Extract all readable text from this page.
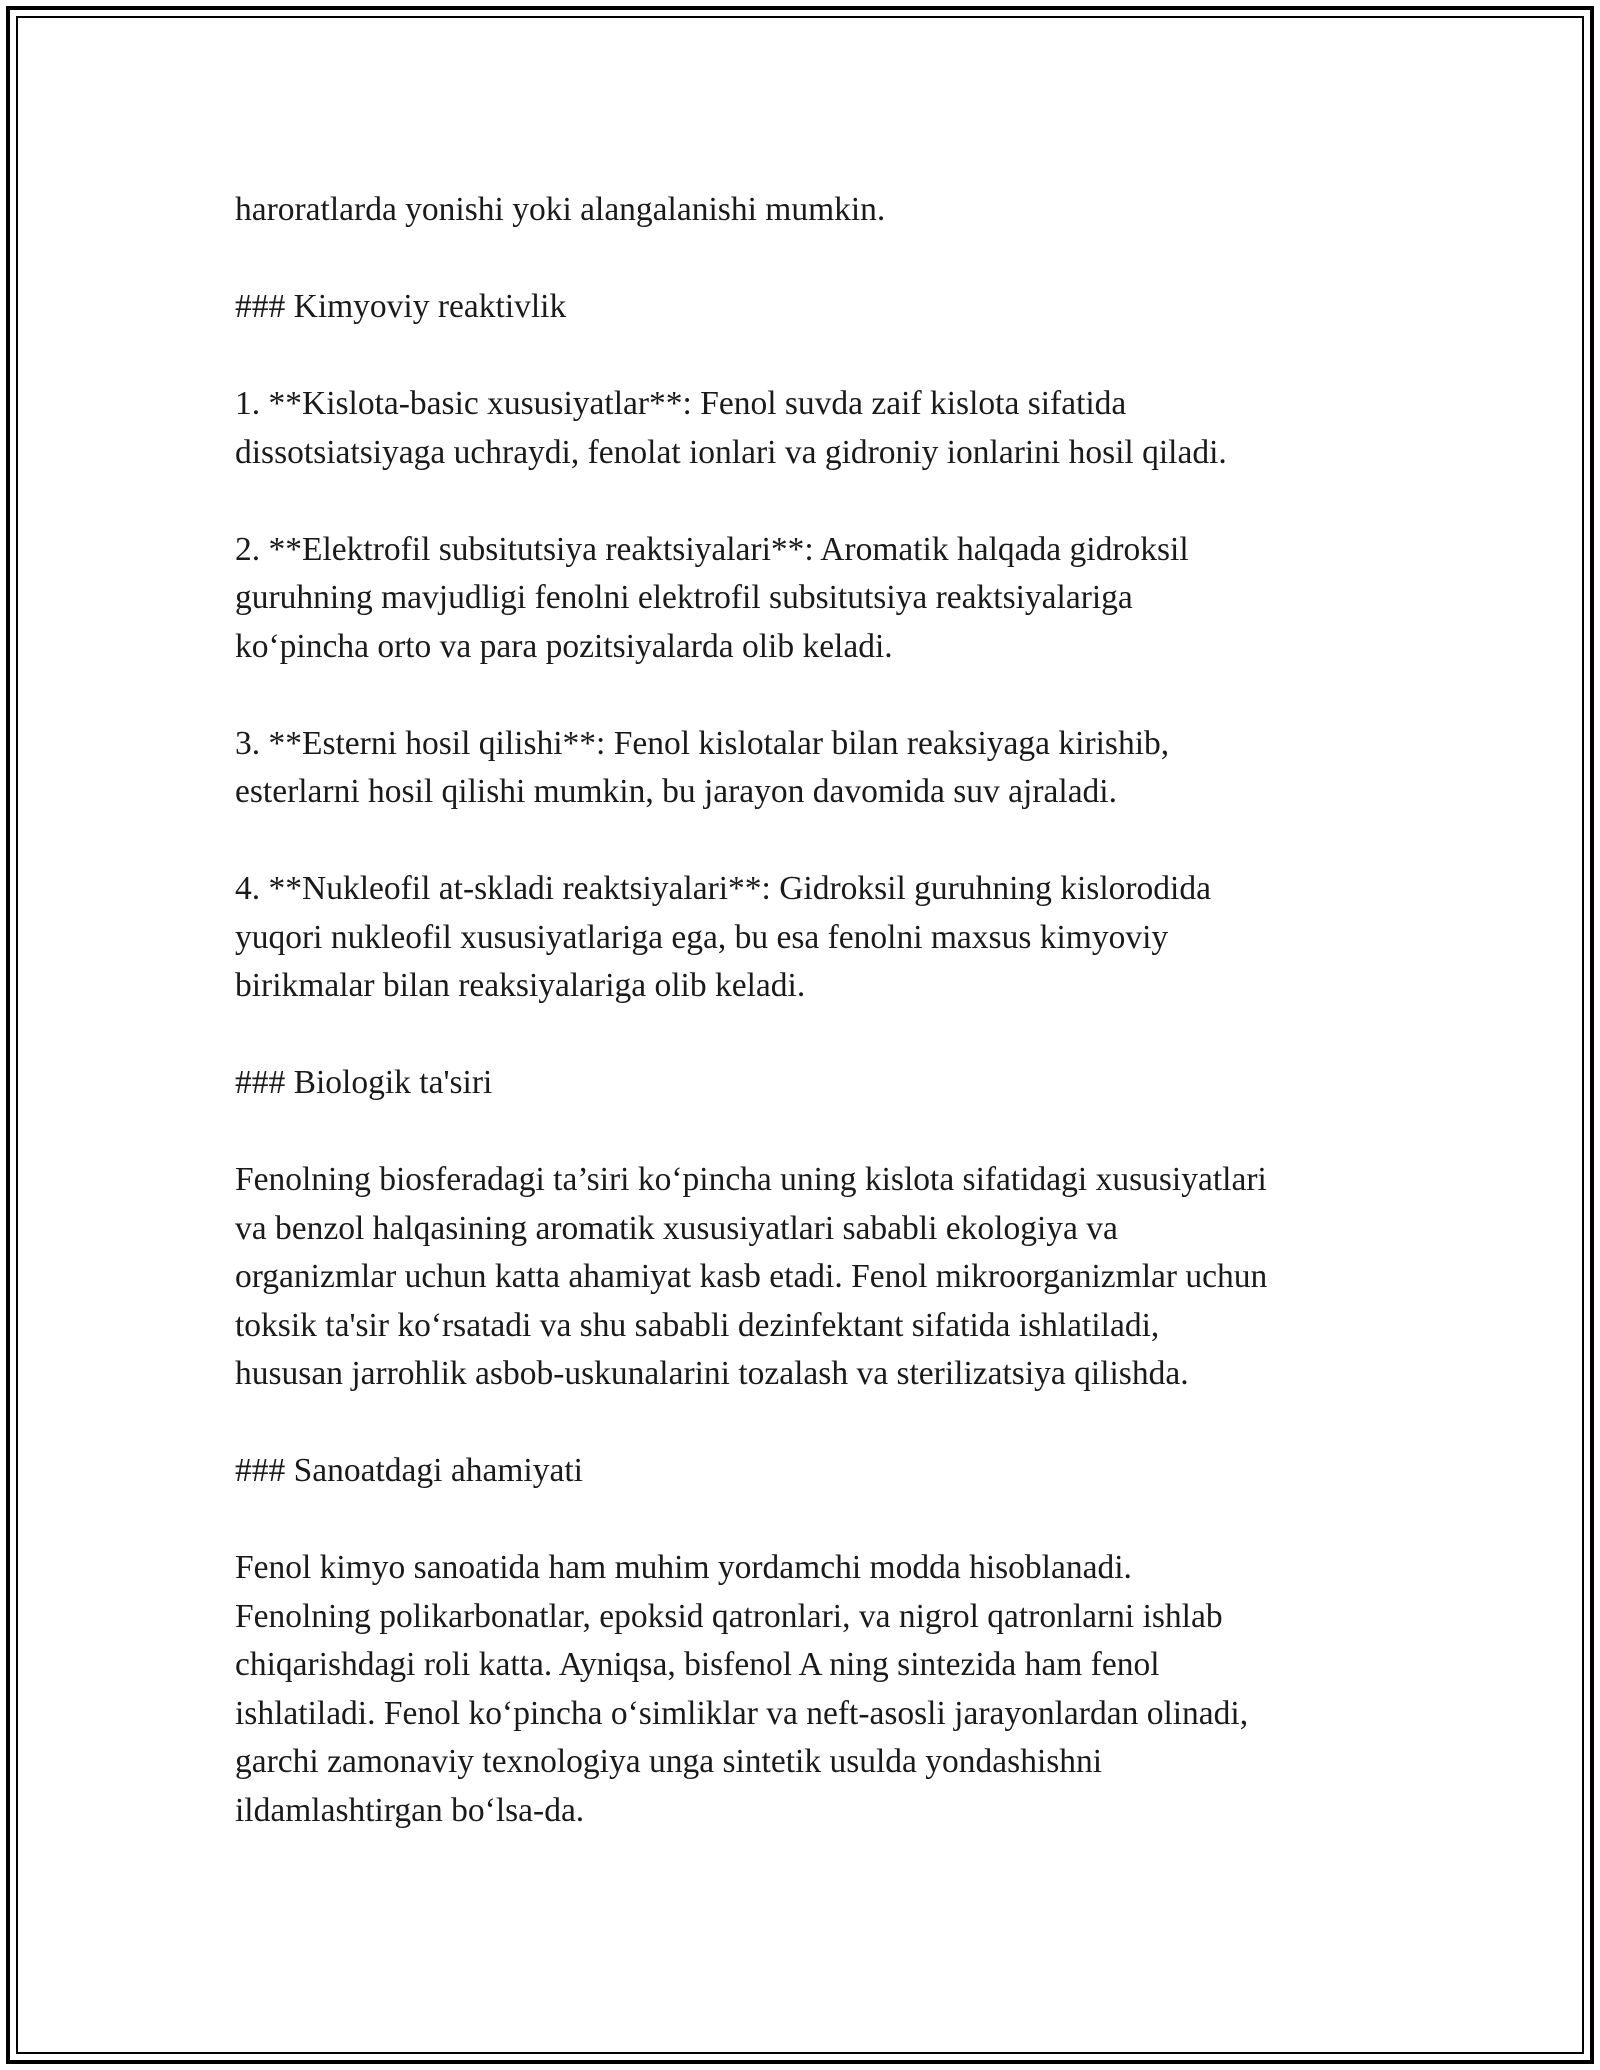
haroratlarda yonishi yoki alangalanishi mumkin.

### Kimyoviy reaktivlik

1. **Kislota-basic xususiyatlar**: Fenol suvda zaif kislota sifatida
dissotsiatsiyaga uchraydi, fenolat ionlari va gidroniy ionlarini hosil qiladi.

2. **Elektrofil subsitutsiya reaktsiyalari**: Aromatik halqada gidroksil
guruhning mavjudligi fenolni elektrofil subsitutsiya reaktsiyalariga
ko‘pincha orto va para pozitsiyalarda olib keladi.

3. **Esterni hosil qilishi**: Fenol kislotalar bilan reaksiyaga kirishib,
esterlarni hosil qilishi mumkin, bu jarayon davomida suv ajraladi.

4. **Nukleofil at-skladi reaktsiyalari**: Gidroksil guruhning kislorodida
yuqori nukleofil xususiyatlariga ega, bu esa fenolni maxsus kimyoviy
birikmalar bilan reaksiyalariga olib keladi.

### Biologik ta'siri

Fenolning biosferadagi ta’siri ko‘pincha uning kislota sifatidagi xususiyatlari
va benzol halqasining aromatik xususiyatlari sababli ekologiya va
organizmlar uchun katta ahamiyat kasb etadi. Fenol mikroorganizmlar uchun
toksik ta'sir ko‘rsatadi va shu sababli dezinfektant sifatida ishlatiladi,
hususan jarrohlik asbob-uskunalarini tozalash va sterilizatsiya qilishda.

### Sanoatdagi ahamiyati

Fenol kimyo sanoatida ham muhim yordamchi modda hisoblanadi.
Fenolning polikarbonatlar, epoksid qatronlari, va nigrol qatronlarni ishlab
chiqarishdagi roli katta. Ayniqsa, bisfenol A ning sintezida ham fenol
ishlatiladi. Fenol ko‘pincha o‘simliklar va neft-asosli jarayonlardan olinadi,
garchi zamonaviy texnologiya unga sintetik usulda yondashishni
ildamlashtirgan bo‘lsa-da.
